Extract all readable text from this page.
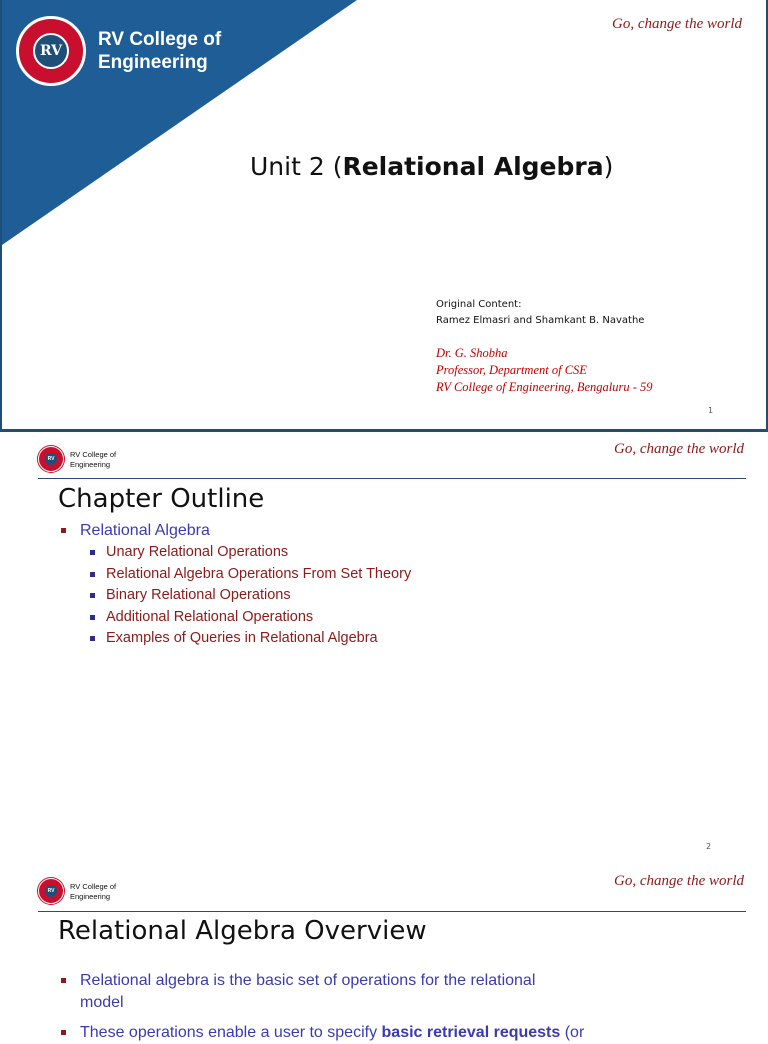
RV
RV College of
Engineering
Go, change the world
Unit 2 (Relational Algebra)
Original Content:
Ramez Elmasri and Shamkant B. Navathe
Dr. G. Shobha
Professor, Department of CSE
RV College of Engineering, Bengaluru - 59
1
RV	RV College of
Engineering
Go, change the world
Chapter Outline
Relational Algebra
Unary Relational Operations
Relational Algebra Operations From Set Theory
Binary Relational Operations
Additional Relational Operations
Examples of Queries in Relational Algebra
2
RV	RV College of
Engineering
Go, change the world
Relational Algebra Overview
Relational algebra is the basic set of operations for the relational
model
These operations enable a user to specify basic retrieval requests (or
